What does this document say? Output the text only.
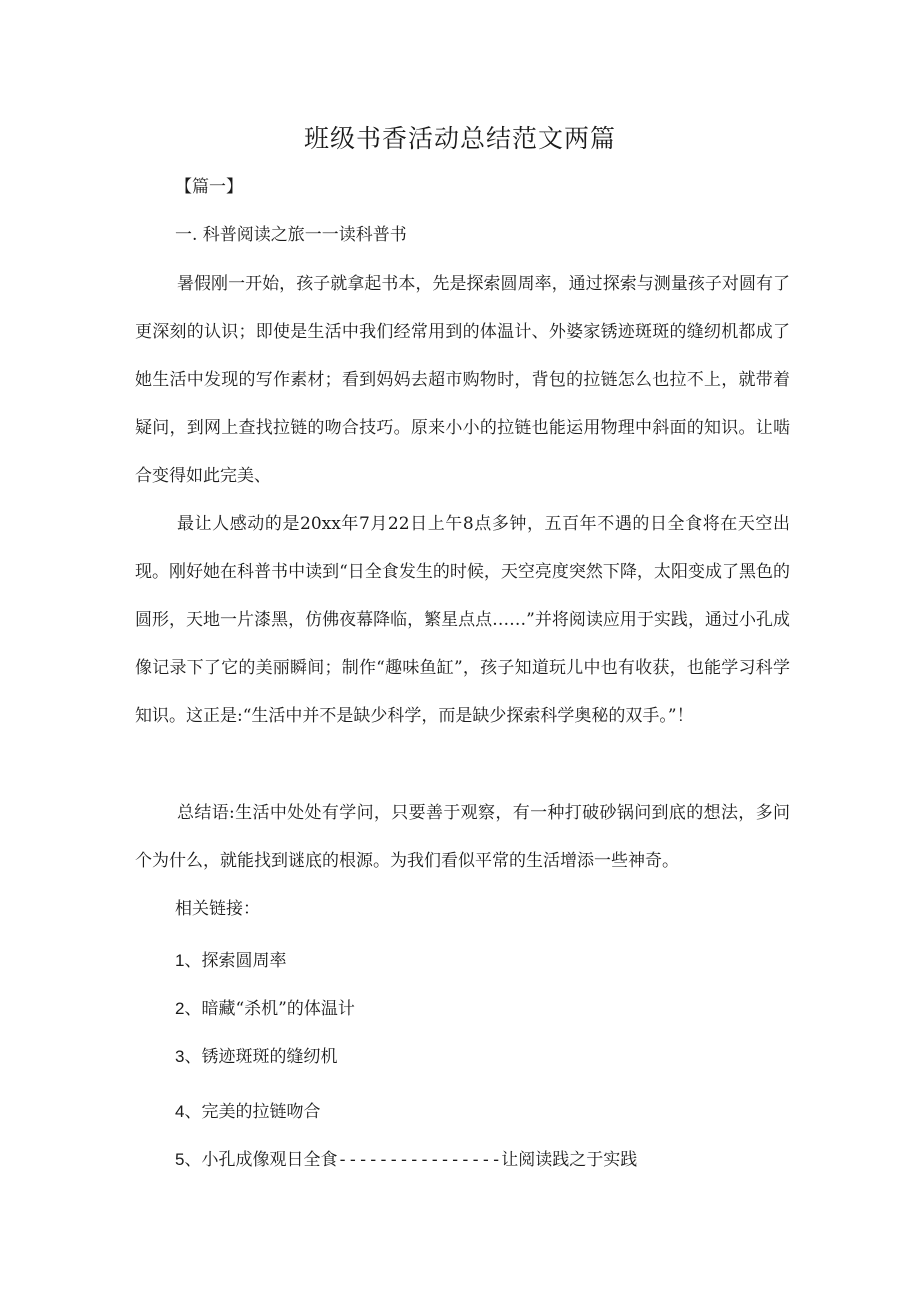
班级书香活动总结范文两篇
【篇一】
一. 科普阅读之旅一一读科普书
暑假刚一开始，孩子就拿起书本，先是探索圆周率，通过探索与测量孩子对圆有了更深刻的认识；即使是生活中我们经常用到的体温计、外婆家锈迹斑斑的缝纫机都成了她生活中发现的写作素材；看到妈妈去超市购物时，背包的拉链怎么也拉不上，就带着疑问，到网上查找拉链的吻合技巧。原来小小的拉链也能运用物理中斜面的知识。让啮合变得如此完美、
最让人感动的是20xx年7月22日上午8点多钟，五百年不遇的日全食将在天空出现。刚好她在科普书中读到“日全食发生的时候，天空亮度突然下降，太阳变成了黑色的圆形，天地一片漆黑，仿佛夜幕降临，繁星点点……”并将阅读应用于实践，通过小孔成像记录下了它的美丽瞬间；制作“趣味鱼缸”，孩子知道玩儿中也有收获，也能学习科学知识。这正是:“生活中并不是缺少科学，而是缺少探索科学奥秘的双手。”！
总结语:生活中处处有学问，只要善于观察，有一种打破砂锅问到底的想法，多问个为什么，就能找到谜底的根源。为我们看似平常的生活增添一些神奇。
相关链接：
1、探索圆周率
2、暗藏“杀机”的体温计
3、锈迹斑斑的缝纫机
4、完美的拉链吻合
5、小孔成像观日全食----------------让阅读践之于实践
